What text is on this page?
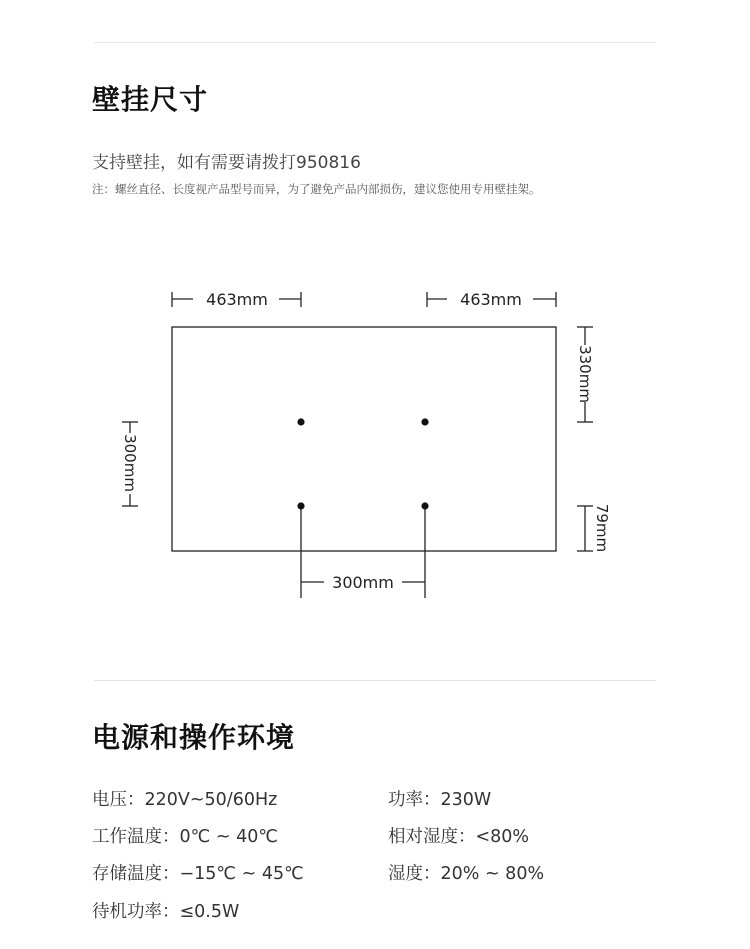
壁挂尺寸
支持壁挂，如有需要请拨打950816
注：螺丝直径、长度视产品型号而异，为了避免产品内部损伤，建议您使用专用壁挂架。
463mm	463mm
330mm
79mm
300mm
300mm
电源和操作环境
电压：220V~50/60Hz	功率：230W
工作温度：0℃ ~ 40℃	相对湿度：<80%
存储温度：−15℃ ~ 45℃	湿度：20% ~ 80%
待机功率：≤0.5W
